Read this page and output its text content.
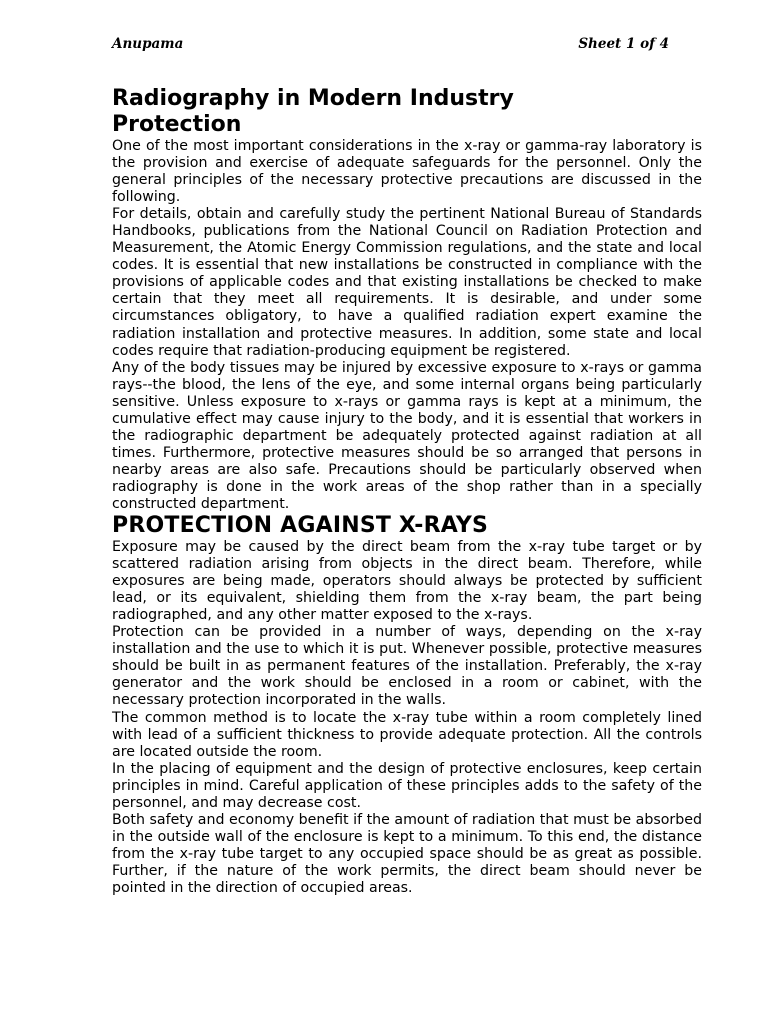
Anupama	Sheet 1 of 4
Radiography in Modern Industry
Protection

One of the most important considerations in the x-ray or gamma-ray laboratory is the provision and exercise of adequate safeguards for the personnel. Only the general principles of the necessary protective precautions are discussed in the following.

For details, obtain and carefully study the pertinent National Bureau of Standards Handbooks, publications from the National Council on Radiation Protection and Measurement, the Atomic Energy Commission regulations, and the state and local codes. It is essential that new installations be constructed in compliance with the provisions of applicable codes and that existing installations be checked to make certain that they meet all requirements. It is desirable, and under some circumstances obligatory, to have a qualified radiation expert examine the radiation installation and protective measures. In addition, some state and local codes require that radiation-producing equipment be registered.

Any of the body tissues may be injured by excessive exposure to x-rays or gamma rays--the blood, the lens of the eye, and some internal organs being particularly sensitive. Unless exposure to x-rays or gamma rays is kept at a minimum, the cumulative effect may cause injury to the body, and it is essential that workers in the radiographic department be adequately protected against radiation at all times. Furthermore, protective measures should be so arranged that persons in nearby areas are also safe. Precautions should be particularly observed when radiography is done in the work areas of the shop rather than in a specially constructed department.

PROTECTION AGAINST X-RAYS

Exposure may be caused by the direct beam from the x-ray tube target or by scattered radiation arising from objects in the direct beam. Therefore, while exposures are being made, operators should always be protected by sufficient lead, or its equivalent, shielding them from the x-ray beam, the part being radiographed, and any other matter exposed to the x-rays.

Protection can be provided in a number of ways, depending on the x-ray installation and the use to which it is put. Whenever possible, protective measures should be built in as permanent features of the installation. Preferably, the x-ray generator and the work should be enclosed in a room or cabinet, with the necessary protection incorporated in the walls.

The common method is to locate the x-ray tube within a room completely lined with lead of a sufficient thickness to provide adequate protection. All the controls are located outside the room.

In the placing of equipment and the design of protective enclosures, keep certain principles in mind. Careful application of these principles adds to the safety of the personnel, and may decrease cost.

Both safety and economy benefit if the amount of radiation that must be absorbed in the outside wall of the enclosure is kept to a minimum. To this end, the distance from the x-ray tube target to any occupied space should be as great as possible. Further, if the nature of the work permits, the direct beam should never be pointed in the direction of occupied areas.
